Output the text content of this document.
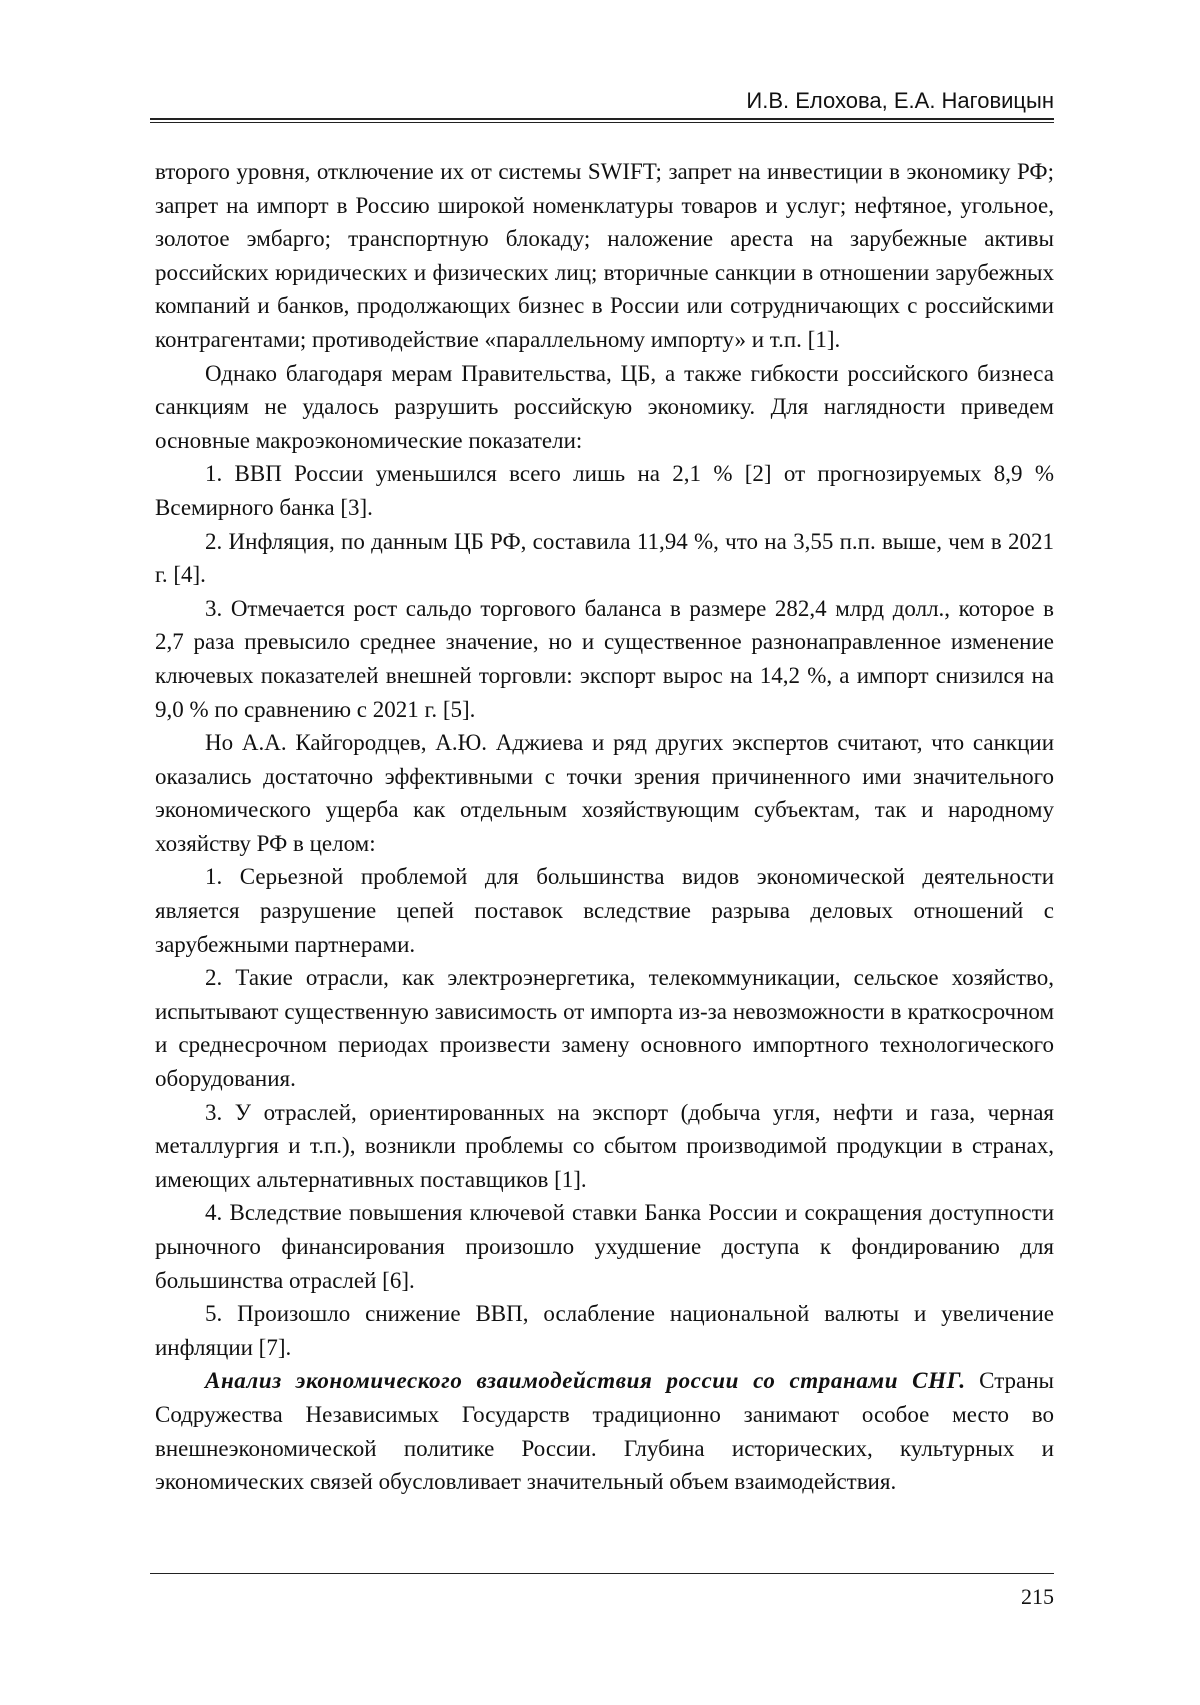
И.В. Елохова, Е.А. Наговицын

второго уровня, отключение их от системы SWIFT; запрет на инвестиции в экономику РФ; запрет на импорт в Россию широкой номенклатуры товаров и услуг; нефтяное, угольное, золотое эмбарго; транспортную блокаду; наложение ареста на зарубежные активы российских юридических и физических лиц; вторичные санкции в отношении зарубежных компаний и банков, продолжающих бизнес в России или сотрудничающих с российскими контрагентами; противодействие «параллельному импорту» и т.п. [1].

Однако благодаря мерам Правительства, ЦБ, а также гибкости российского бизнеса санкциям не удалось разрушить российскую экономику. Для наглядности приведем основные макроэкономические показатели:

1. ВВП России уменьшился всего лишь на 2,1 % [2] от прогнозируемых 8,9 % Всемирного банка [3].

2. Инфляция, по данным ЦБ РФ, составила 11,94 %, что на 3,55 п.п. выше, чем в 2021 г. [4].

3. Отмечается рост сальдо торгового баланса в размере 282,4 млрд долл., которое в 2,7 раза превысило среднее значение, но и существенное разнонаправленное изменение ключевых показателей внешней торговли: экспорт вырос на 14,2 %, а импорт снизился на 9,0 % по сравнению с 2021 г. [5].

Но А.А. Кайгородцев, А.Ю. Аджиева и ряд других экспертов считают, что санкции оказались достаточно эффективными с точки зрения причиненного ими значительного экономического ущерба как отдельным хозяйствующим субъектам, так и народному хозяйству РФ в целом:

1. Серьезной проблемой для большинства видов экономической деятельности является разрушение цепей поставок вследствие разрыва деловых отношений с зарубежными партнерами.

2. Такие отрасли, как электроэнергетика, телекоммуникации, сельское хозяйство, испытывают существенную зависимость от импорта из-за невозможности в краткосрочном и среднесрочном периодах произвести замену основного импортного технологического оборудования.

3. У отраслей, ориентированных на экспорт (добыча угля, нефти и газа, черная металлургия и т.п.), возникли проблемы со сбытом производимой продукции в странах, имеющих альтернативных поставщиков [1].

4. Вследствие повышения ключевой ставки Банка России и сокращения доступности рыночного финансирования произошло ухудшение доступа к фондированию для большинства отраслей [6].

5. Произошло снижение ВВП, ослабление национальной валюты и увеличение инфляции [7].

Анализ экономического взаимодействия россии со странами СНГ. Страны Содружества Независимых Государств традиционно занимают особое место во внешнеэкономической политике России. Глубина исторических, культурных и экономических связей обусловливает значительный объем взаимодействия.

215
